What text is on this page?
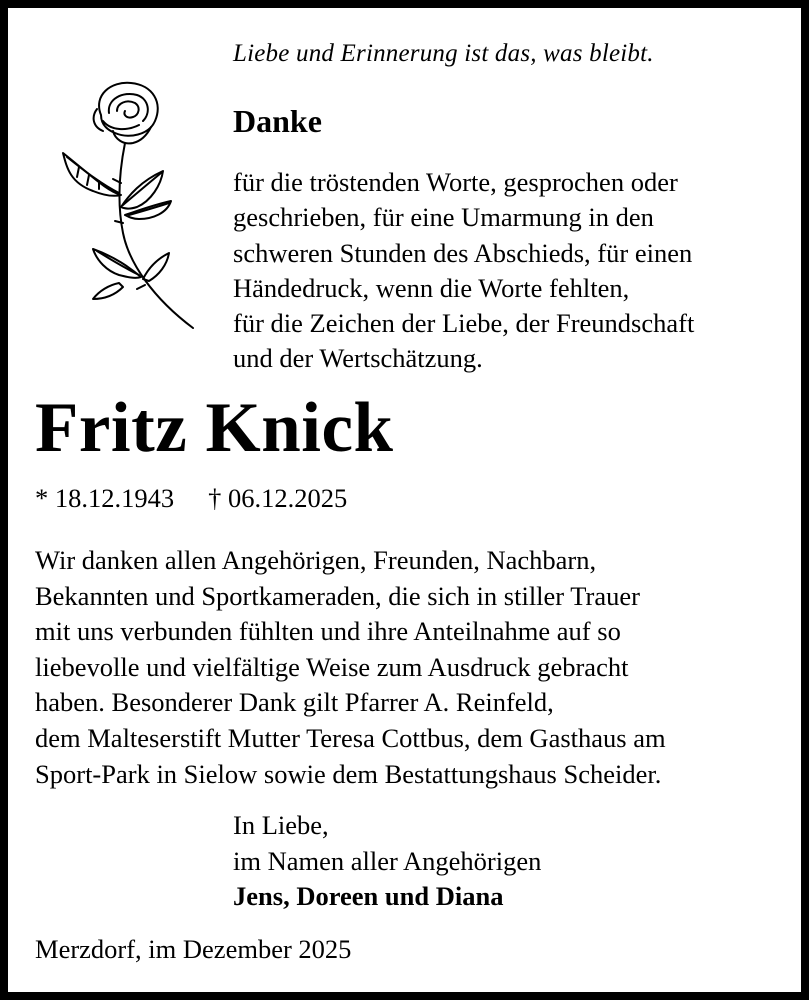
Liebe und Erinnerung ist das, was bleibt.
Danke
für die tröstenden Worte, gesprochen oder
geschrieben, für eine Umarmung in den
schweren Stunden des Abschieds, für einen
Händedruck, wenn die Worte fehlten,
für die Zeichen der Liebe, der Freundschaft
und der Wertschätzung.
Fritz Knick
* 18.12.1943 † 06.12.2025
Wir danken allen Angehörigen, Freunden, Nachbarn,
Bekannten und Sportkameraden, die sich in stiller Trauer
mit uns verbunden fühlten und ihre Anteilnahme auf so
liebevolle und vielfältige Weise zum Ausdruck gebracht
haben. Besonderer Dank gilt Pfarrer A. Reinfeld,
dem Malteserstift Mutter Teresa Cottbus, dem Gasthaus am
Sport-Park in Sielow sowie dem Bestattungshaus Scheider.
In Liebe,
im Namen aller Angehörigen
Jens, Doreen und Diana
Merzdorf, im Dezember 2025
